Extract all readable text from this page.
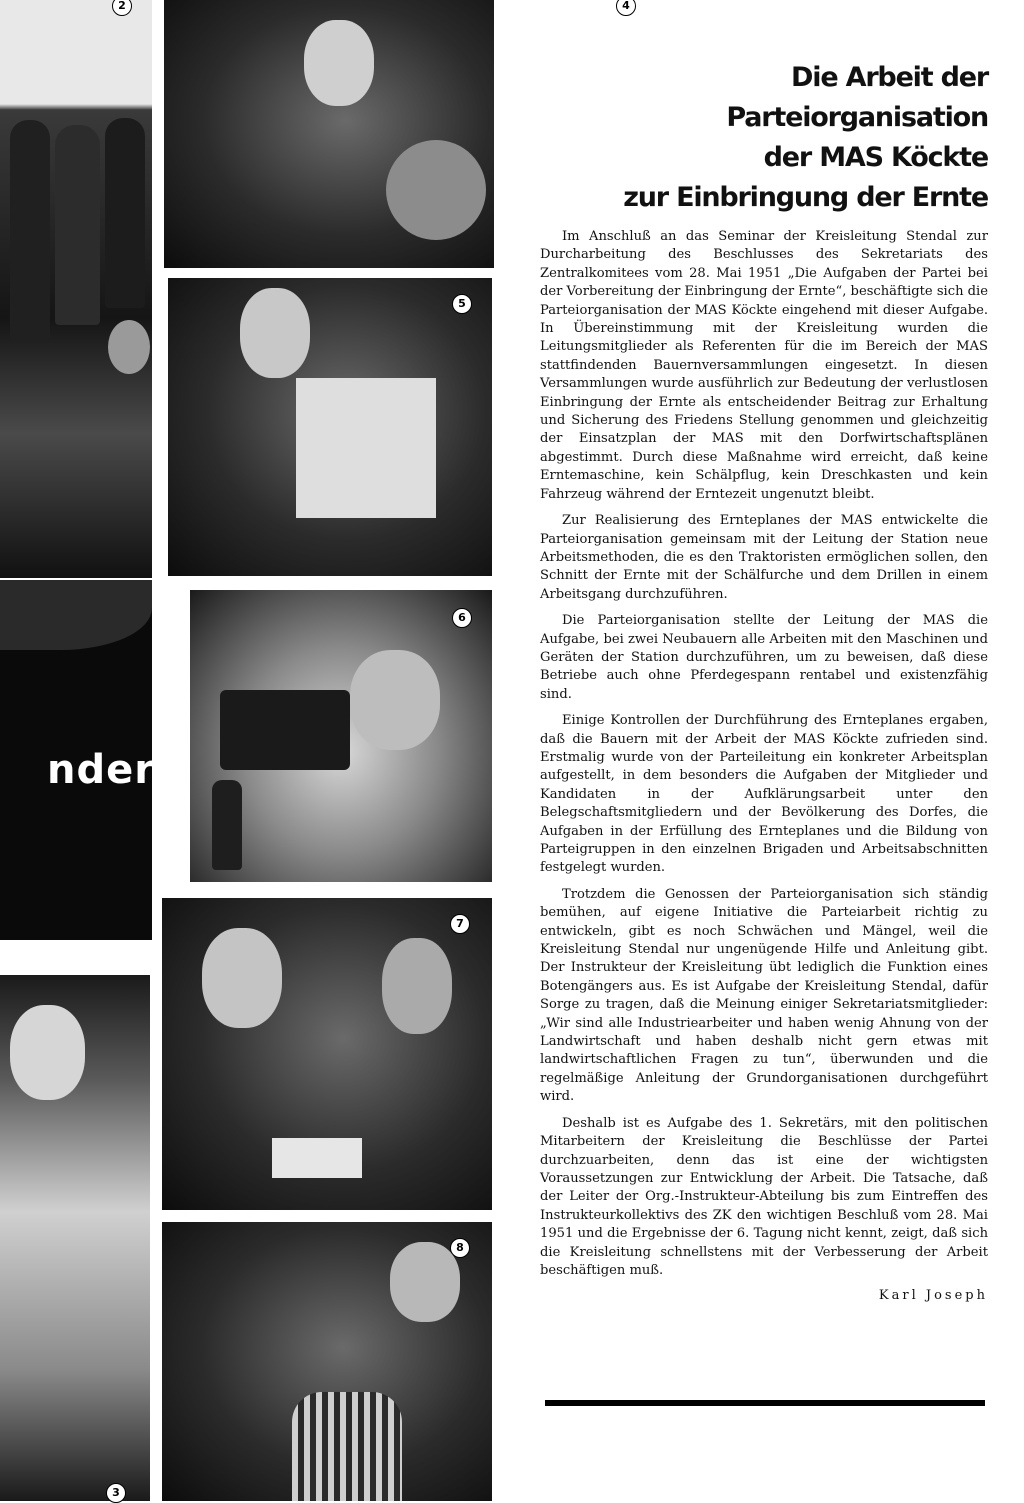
2	4
5
nder
6
7
3
8
Die Arbeit der Parteiorganisation
der MAS Köckte
zur Einbringung der Ernte

Im Anschluß an das Seminar der Kreisleitung Stendal zur Durcharbeitung des Beschlusses des Sekretariats des Zentralkomitees vom 28. Mai 1951 „Die Aufgaben der Partei bei der Vorbereitung der Einbringung der Ernte“, beschäftigte sich die Parteiorganisation der MAS Köckte eingehend mit dieser Aufgabe. In Übereinstimmung mit der Kreisleitung wurden die Leitungsmitglieder als Referenten für die im Bereich der MAS stattfindenden Bauernversammlungen eingesetzt. In diesen Versammlungen wurde ausführlich zur Bedeutung der verlustlosen Einbringung der Ernte als entscheidender Beitrag zur Erhaltung und Sicherung des Friedens Stellung genommen und gleichzeitig der Einsatzplan der MAS mit den Dorfwirtschaftsplänen abgestimmt. Durch diese Maßnahme wird erreicht, daß keine Erntemaschine, kein Schälpflug, kein Dreschkasten und kein Fahrzeug während der Erntezeit ungenutzt bleibt.

Zur Realisierung des Ernteplanes der MAS entwickelte die Parteiorganisation gemeinsam mit der Leitung der Station neue Arbeitsmethoden, die es den Traktoristen ermöglichen sollen, den Schnitt der Ernte mit der Schälfurche und dem Drillen in einem Arbeitsgang durchzuführen.

Die Parteiorganisation stellte der Leitung der MAS die Aufgabe, bei zwei Neubauern alle Arbeiten mit den Maschinen und Geräten der Station durchzuführen, um zu beweisen, daß diese Betriebe auch ohne Pferdegespann rentabel und existenzfähig sind.

Einige Kontrollen der Durchführung des Ernteplanes ergaben, daß die Bauern mit der Arbeit der MAS Köckte zufrieden sind. Erstmalig wurde von der Parteileitung ein konkreter Arbeitsplan aufgestellt, in dem besonders die Aufgaben der Mitglieder und Kandidaten in der Aufklärungsarbeit unter den Belegschaftsmitgliedern und der Bevölkerung des Dorfes, die Aufgaben in der Erfüllung des Ernteplanes und die Bildung von Parteigruppen in den einzelnen Brigaden und Arbeitsabschnitten festgelegt wurden.

Trotzdem die Genossen der Parteiorganisation sich ständig bemühen, auf eigene Initiative die Parteiarbeit richtig zu entwickeln, gibt es noch Schwächen und Mängel, weil die Kreisleitung Stendal nur ungenügende Hilfe und Anleitung gibt. Der Instrukteur der Kreisleitung übt lediglich die Funktion eines Botengängers aus. Es ist Aufgabe der Kreisleitung Stendal, dafür Sorge zu tragen, daß die Meinung einiger Sekretariatsmitglieder: „Wir sind alle Industriearbeiter und haben wenig Ahnung von der Landwirtschaft und haben deshalb nicht gern etwas mit landwirtschaftlichen Fragen zu tun“, überwunden und die regelmäßige Anleitung der Grundorganisationen durchgeführt wird.

Deshalb ist es Aufgabe des 1. Sekretärs, mit den politischen Mitarbeitern der Kreisleitung die Beschlüsse der Partei durchzuarbeiten, denn das ist eine der wichtigsten Voraussetzungen zur Entwicklung der Arbeit. Die Tatsache, daß der Leiter der Org.-Instrukteur-Abteilung bis zum Eintreffen des Instrukteurkollektivs des ZK den wichtigen Beschluß vom 28. Mai 1951 und die Ergebnisse der 6. Tagung nicht kennt, zeigt, daß sich die Kreisleitung schnellstens mit der Verbesserung der Arbeit beschäftigen muß.

Karl Joseph
